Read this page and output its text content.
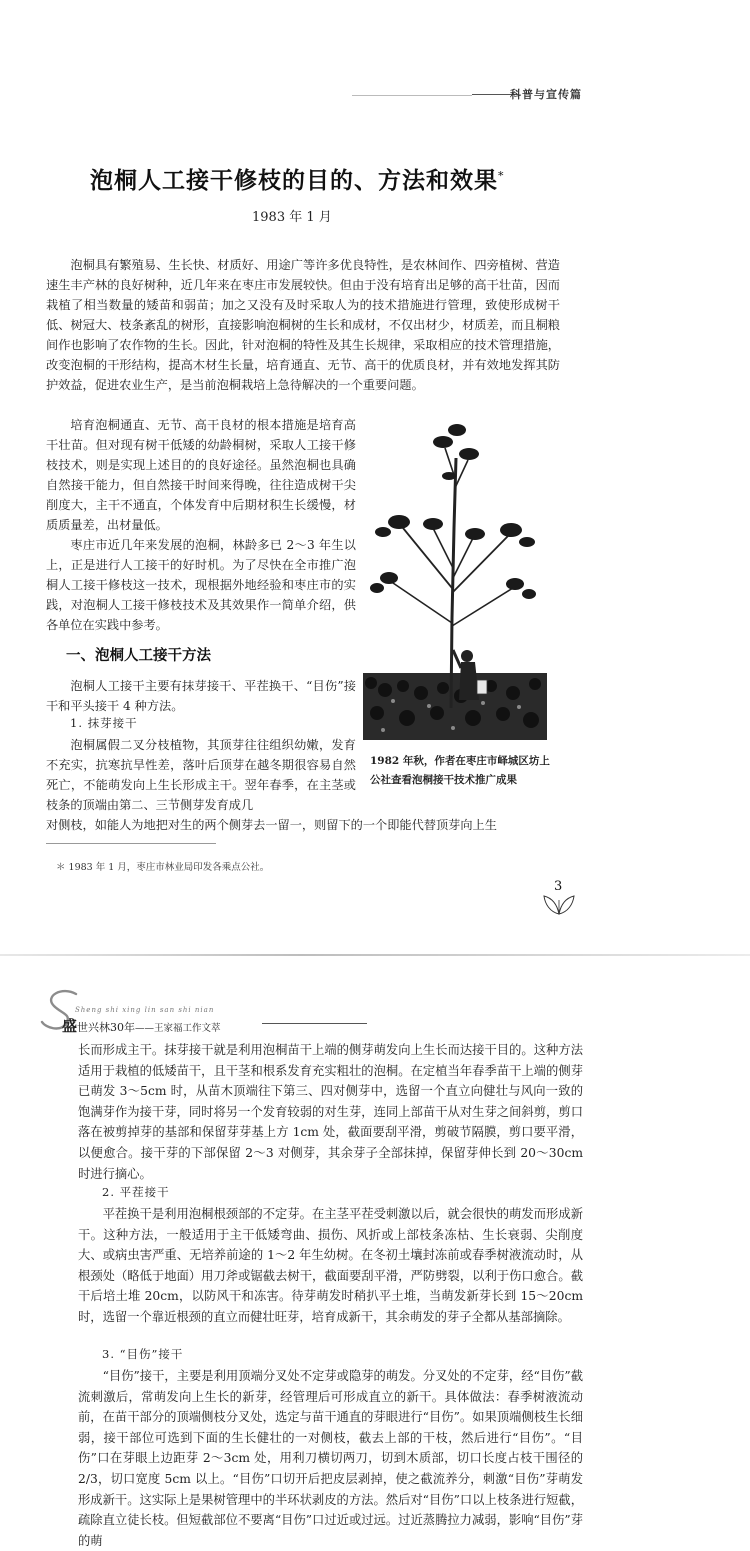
科普与宣传篇
泡桐人工接干修枝的目的、方法和效果*
1983 年 1 月
泡桐具有繁殖易、生长快、材质好、用途广等许多优良特性，是农林间作、四旁植树、营造速生丰产林的良好树种，近几年来在枣庄市发展较快。但由于没有培育出足够的高干壮苗，因而栽植了相当数量的矮苗和弱苗；加之又没有及时采取人为的技术措施进行管理，致使形成树干低、树冠大、枝条紊乱的树形，直接影响泡桐树的生长和成材，不仅出材少，材质差，而且桐粮间作也影响了农作物的生长。因此，针对泡桐的特性及其生长规律，采取相应的技术管理措施，改变泡桐的干形结构，提高木材生长量，培育通直、无节、高干的优质良材，并有效地发挥其防护效益，促进农业生产，是当前泡桐栽培上急待解决的一个重要问题。
培育泡桐通直、无节、高干良材的根本措施是培育高干壮苗。但对现有树干低矮的幼龄桐树，采取人工接干修枝技术，则是实现上述目的的良好途径。虽然泡桐也具确自然接干能力，但自然接干时间来得晚，往往造成树干尖削度大，主干不通直，个体发育中后期材积生长缓慢，材质质量差，出材量低。
枣庄市近几年来发展的泡桐，林龄多已 2～3 年生以上，正是进行人工接干的好时机。为了尽快在全市推广泡桐人工接干修枝这一技术，现根据外地经验和枣庄市的实践，对泡桐人工接干修枝技术及其效果作一简单介绍，供各单位在实践中参考。
一、泡桐人工接干方法
泡桐人工接干主要有抹芽接干、平茬换干、“目伤”接干和平头接干 4 种方法。
1. 抹芽接干
泡桐属假二叉分枝植物，其顶芽往往组织幼嫩，发育不充实，抗寒抗旱性差，落叶后顶芽在越冬期很容易自然死亡，不能萌发向上生长形成主干。翌年春季，在主茎或枝条的顶端由第二、三节侧芽发育成几
对侧枝，如能人为地把对生的两个侧芽去一留一，则留下的一个即能代替顶芽向上生
1982 年秋，作者在枣庄市峄城区坊上公社查看泡桐接干技术推广成果
＊ 1983 年 1 月，枣庄市林业局印发各乘点公社。
3
Sheng shi xing lin san shi nian
盛世兴林30年——王家福工作文萃
长而形成主干。抹芽接干就是利用泡桐苗干上端的侧芽萌发向上生长而达接干目的。这种方法适用于栽植的低矮苗干，且干茎和根系发育充实粗壮的泡桐。在定植当年春季苗干上端的侧芽已萌发 3～5cm 时，从苗木顶端往下第三、四对侧芽中，选留一个直立向健壮与风向一致的饱满芽作为接干芽，同时将另一个发育较弱的对生芽，连同上部苗干从对生芽之间斜剪，剪口落在被剪掉芽的基部和保留芽芽基上方 1cm 处，截面要刮平滑，剪破节隔膜，剪口要平滑，以便愈合。接干芽的下部保留 2～3 对侧芽，其余芽子全部抹掉，保留芽伸长到 20～30cm 时进行摘心。
2. 平茬接干
平茬换干是利用泡桐根颈部的不定芽。在主茎平茬受刺激以后，就会很快的萌发而形成新干。这种方法，一般适用于主干低矮弯曲、损伤、风折或上部枝条冻枯、生长衰弱、尖削度大、或病虫害严重、无培养前途的 1～2 年生幼树。在冬初土壤封冻前或春季树液流动时，从根颈处（略低于地面）用刀斧或锯截去树干，截面要刮平滑，严防劈裂，以利于伤口愈合。截干后培土堆 20cm，以防风干和冻害。待芽萌发时稍扒平土堆，当萌发新芽长到 15～20cm 时，选留一个靠近根颈的直立而健壮旺芽，培育成新干，其余萌发的芽子全都从基部摘除。
3. “目伤”接干
“目伤”接干，主要是利用顶端分叉处不定芽或隐芽的萌发。分叉处的不定芽，经“目伤”截流刺激后，常萌发向上生长的新芽，经管理后可形成直立的新干。具体做法：春季树液流动前，在苗干部分的顶端侧枝分叉处，选定与苗干通直的芽眼进行“目伤”。如果顶端侧枝生长细弱，接干部位可选到下面的生长健壮的一对侧枝，截去上部的干枝，然后进行“目伤”。“目伤”口在芽眼上边距芽 2～3cm 处，用利刀横切两刀，切到木质部，切口长度占枝干围径的 2/3，切口宽度 5cm 以上。“目伤”口切开后把皮层剥掉，使之截流养分，刺激“目伤”芽萌发形成新干。这实际上是果树管理中的半环状剥皮的方法。然后对“目伤”口以上枝条进行短截，疏除直立徒长枝。但短截部位不要离“目伤”口过近或过远。过近蒸腾拉力减弱，影响“目伤”芽的萌
